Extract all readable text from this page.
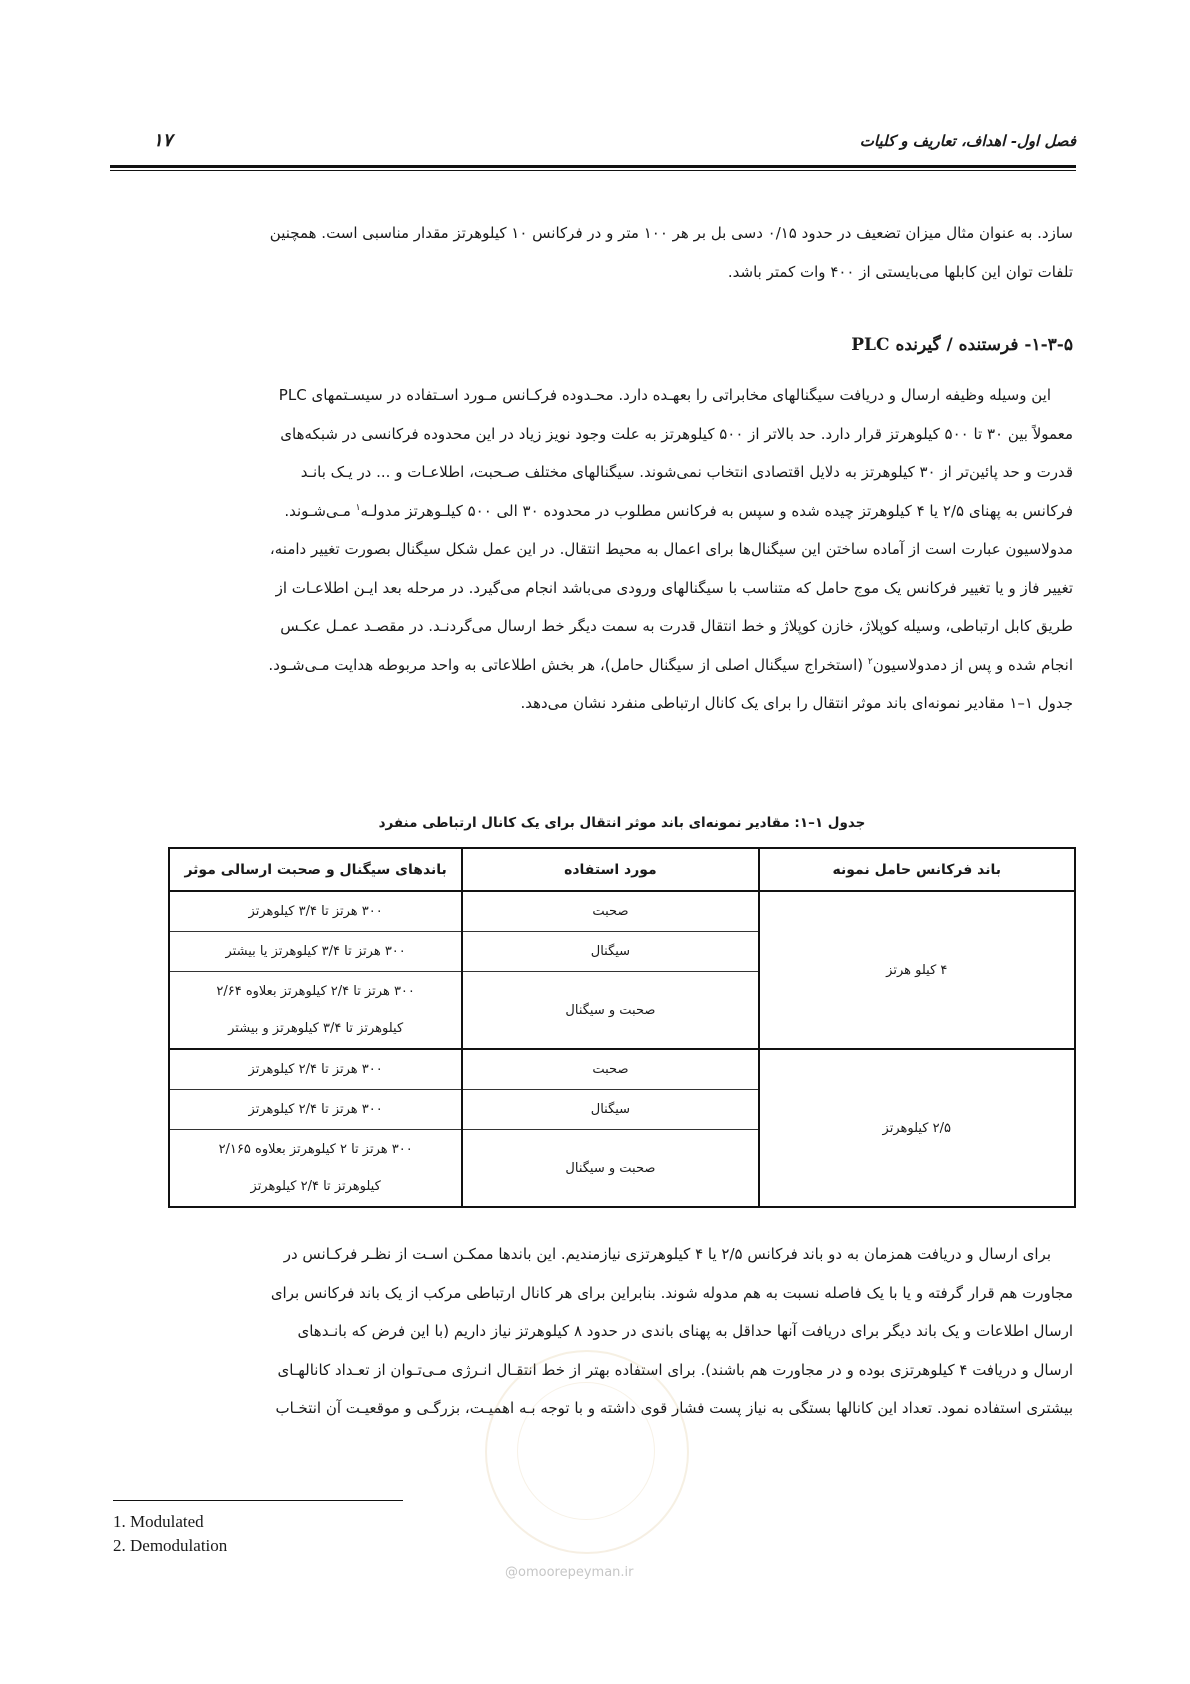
فصل اول- اهداف، تعاریف و کلیات
۱۷

سازد. به عنوان مثال میزان تضعیف در حدود ۰/۱۵ دسی بل بر هر ۱۰۰ متر و در فرکانس ۱۰ کیلوهرتز مقدار مناسبی است. همچنین

تلفات توان این کابلها می‌بایستی از ۴۰۰ وات کمتر باشد.

۱-۳-۵- فرستنده / گیرنده PLC

این وسیله وظیفه ارسال و دریافت سیگنالهای مخابراتی را بعهـده دارد. محـدوده فرکـانس مـورد اسـتفاده در سیسـتمهای PLC

معمولاً بین ۳۰ تا ۵۰۰ کیلوهرتز قرار دارد. حد بالاتر از ۵۰۰ کیلوهرتز به علت وجود نویز زیاد در این محدوده فرکانسی در شبکه‌های

قدرت و حد پائین‌تر از ۳۰ کیلوهرتز به دلایل اقتصادی انتخاب نمی‌شوند. سیگنالهای مختلف صـحبت، اطلاعـات و ... در یـک بانـد

فرکانس به پهنای ۲/۵ یا ۴ کیلوهرتز چیده شده و سپس به فرکانس مطلوب در محدوده ۳۰ الی ۵۰۰ کیلـوهرتز مدولـه$^۱$ مـی‌شـوند.

مدولاسیون عبارت است از آماده ساختن این سیگنال‌ها برای اعمال به محیط انتقال. در این عمل شکل سیگنال بصورت تغییر دامنه،

تغییر فاز و یا تغییر فرکانس یک موج حامل که متناسب با سیگنالهای ورودی می‌باشد انجام می‌گیرد. در مرحله بعد ایـن اطلاعـات از

طریق کابل ارتباطی، وسیله کوپلاژ، خازن کوپلاژ و خط انتقال قدرت به سمت دیگر خط ارسال می‌گردنـد. در مقصـد عمـل عکـس

انجام شده و پس از دمدولاسیون$^۲$ (استخراج سیگنال اصلی از سیگنال حامل)، هر بخش اطلاعاتی به واحد مربوطه هدایت مـی‌شـود.

جدول ۱–۱ مقادیر نمونه‌ای باند موثر انتقال را برای یک کانال ارتباطی منفرد نشان می‌دهد.

جدول ۱–۱: مقادیر نمونه‌ای باند موثر انتقال برای یک کانال ارتباطی منفرد
باند فرکانس حامل نمونه	مورد استفاده	باندهای سیگنال و صحبت ارسالی موثر
۴ کیلو هرتز	صحبت	۳۰۰ هرتز تا ۳/۴ کیلوهرتز
	سیگنال	۳۰۰ هرتز تا ۳/۴ کیلوهرتز یا بیشتر
	صحبت و سیگنال	۳۰۰ هرتز تا ۲/۴ کیلوهرتز بعلاوه ۲/۶۴
کیلوهرتز تا ۳/۴ کیلوهرتز و بیشتر

۲/۵ کیلوهرتز	صحبت	۳۰۰ هرتز تا ۲/۴ کیلوهرتز
	سیگنال	۳۰۰ هرتز تا ۲/۴ کیلوهرتز
	صحبت و سیگنال	۳۰۰ هرتز تا ۲ کیلوهرتز بعلاوه ۲/۱۶۵
کیلوهرتز تا ۲/۴ کیلوهرتز

برای ارسال و دریافت همزمان به دو باند فرکانس ۲/۵ یا ۴ کیلوهرتزی نیازمندیم. این باندها ممکـن اسـت از نظـر فرکـانس در

مجاورت هم قرار گرفته و یا با یک فاصله نسبت به هم مدوله شوند. بنابراین برای هر کانال ارتباطی مرکب از یک باند فرکانس برای

ارسال اطلاعات و یک باند دیگر برای دریافت آنها حداقل به پهنای باندی در حدود ۸ کیلوهرتز نیاز داریم (با این فرض که بانـدهای

ارسال و دریافت ۴ کیلوهرتزی بوده و در مجاورت هم باشند). برای استفاده بهتر از خط انتقـال انـرژی مـی‌تـوان از تعـداد کانالهـای

بیشتری استفاده نمود. تعداد این کانالها بستگی به نیاز پست فشار قوی داشته و با توجه بـه اهمیـت، بزرگـی و موقعیـت آن انتخـاب

@omoorepeyman.ir
1. Modulated
2. Demodulation
